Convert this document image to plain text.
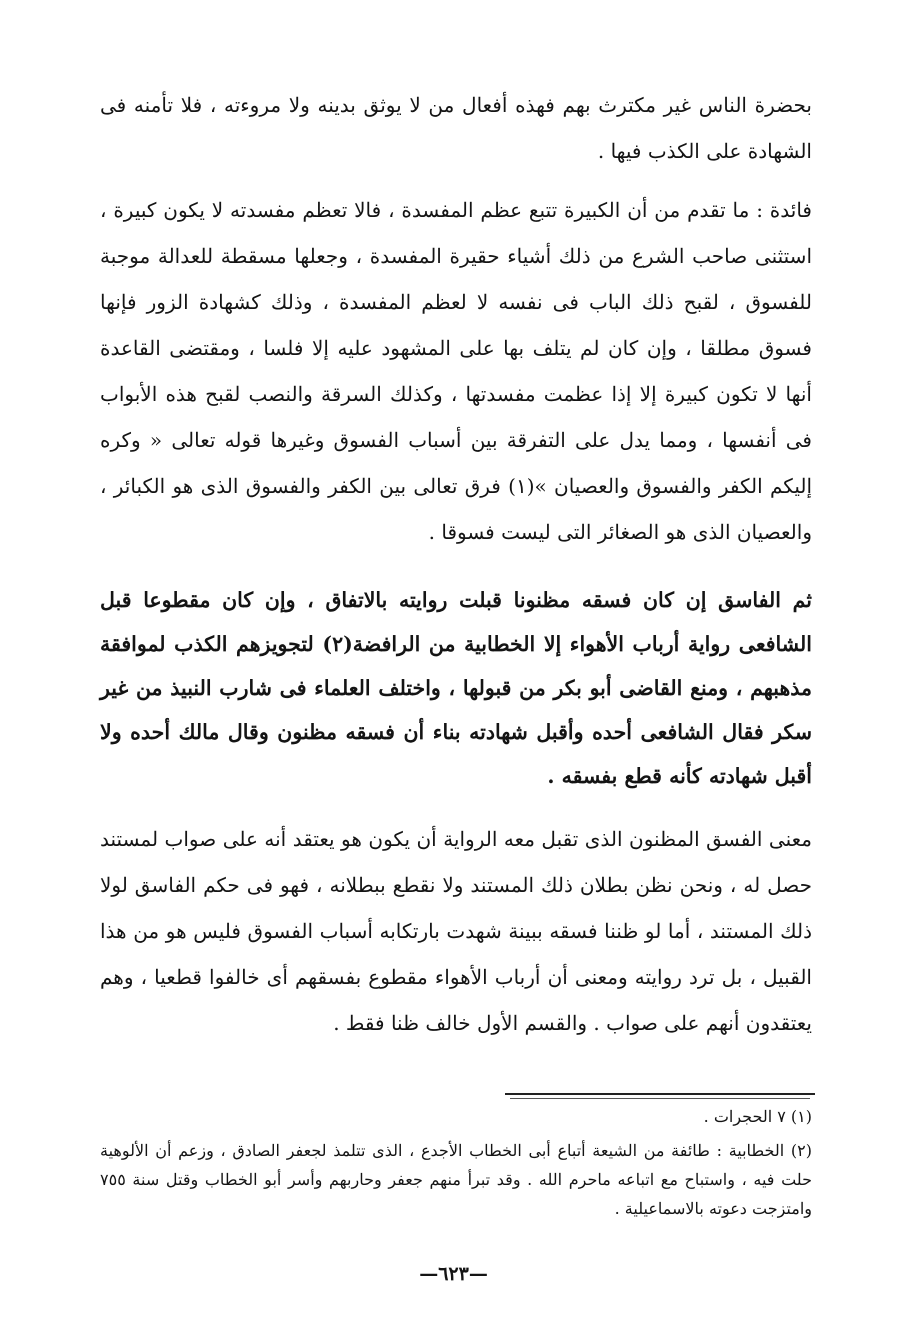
بحضرة الناس غير مكترث بهم فهذه أفعال من لا يوثق بدينه ولا مروءته ، فلا تأمنه فى الشهادة على الكذب فيها .

فائدة : ما تقدم من أن الكبيرة تتبع عظم المفسدة ، فالا تعظم مفسدته لا يكون كبيرة ، استثنى صاحب الشرع من ذلك أشياء حقيرة المفسدة ، وجعلها مسقطة للعدالة موجبة للفسوق ، لقبح ذلك الباب فى نفسه لا لعظم المفسدة ، وذلك كشهادة الزور فإنها فسوق مطلقا ، وإن كان لم يتلف بها على المشهود عليه إلا فلسا ، ومقتضى القاعدة أنها لا تكون كبيرة إلا إذا عظمت مفسدتها ، وكذلك السرقة والنصب لقبح هذه الأبواب فى أنفسها ، ومما يدل على التفرقة بين أسباب الفسوق وغيرها قوله تعالى « وكره إليكم الكفر والفسوق والعصيان »(١) فرق تعالى بين الكفر والفسوق الذى هو الكبائر ، والعصيان الذى هو الصغائر التى ليست فسوقا .

ثم الفاسق إن كان فسقه مظنونا قبلت روايته بالاتفاق ، وإن كان مقطوعا قبل الشافعى رواية أرباب الأهواء إلا الخطابية من الرافضة(٢) لتجويزهم الكذب لموافقة مذهبهم ، ومنع القاضى أبو بكر من قبولها ، واختلف العلماء فى شارب النبيذ من غير سكر فقال الشافعى أحده وأقبل شهادته بناء أن فسقه مظنون وقال مالك أحده ولا أقبل شهادته كأنه قطع بفسقه .

معنى الفسق المظنون الذى تقبل معه الرواية أن يكون هو يعتقد أنه على صواب لمستند حصل له ، ونحن نظن بطلان ذلك المستند ولا نقطع ببطلانه ، فهو فى حكم الفاسق لولا ذلك المستند ، أما لو ظننا فسقه ببينة شهدت بارتكابه أسباب الفسوق فليس هو من هذا القبيل ، بل ترد روايته ومعنى أن أرباب الأهواء مقطوع بفسقهم أى خالفوا قطعيا ، وهم يعتقدون أنهم على صواب . والقسم الأول خالف ظنا فقط .

(١) ٧ الحجرات .

(٢) الخطابية : طائفة من الشيعة أتباع أبى الخطاب الأجدع ، الذى تتلمذ لجعفر الصادق ، وزعم أن الألوهية حلت فيه ، واستباح مع اتباعه ماحرم الله . وقد تبرأ منهم جعفر وحاربهم وأسر أبو الخطاب وقتل سنة ٧٥٥ وامتزجت دعوته بالاسماعيلية .

—٦٢٣—
